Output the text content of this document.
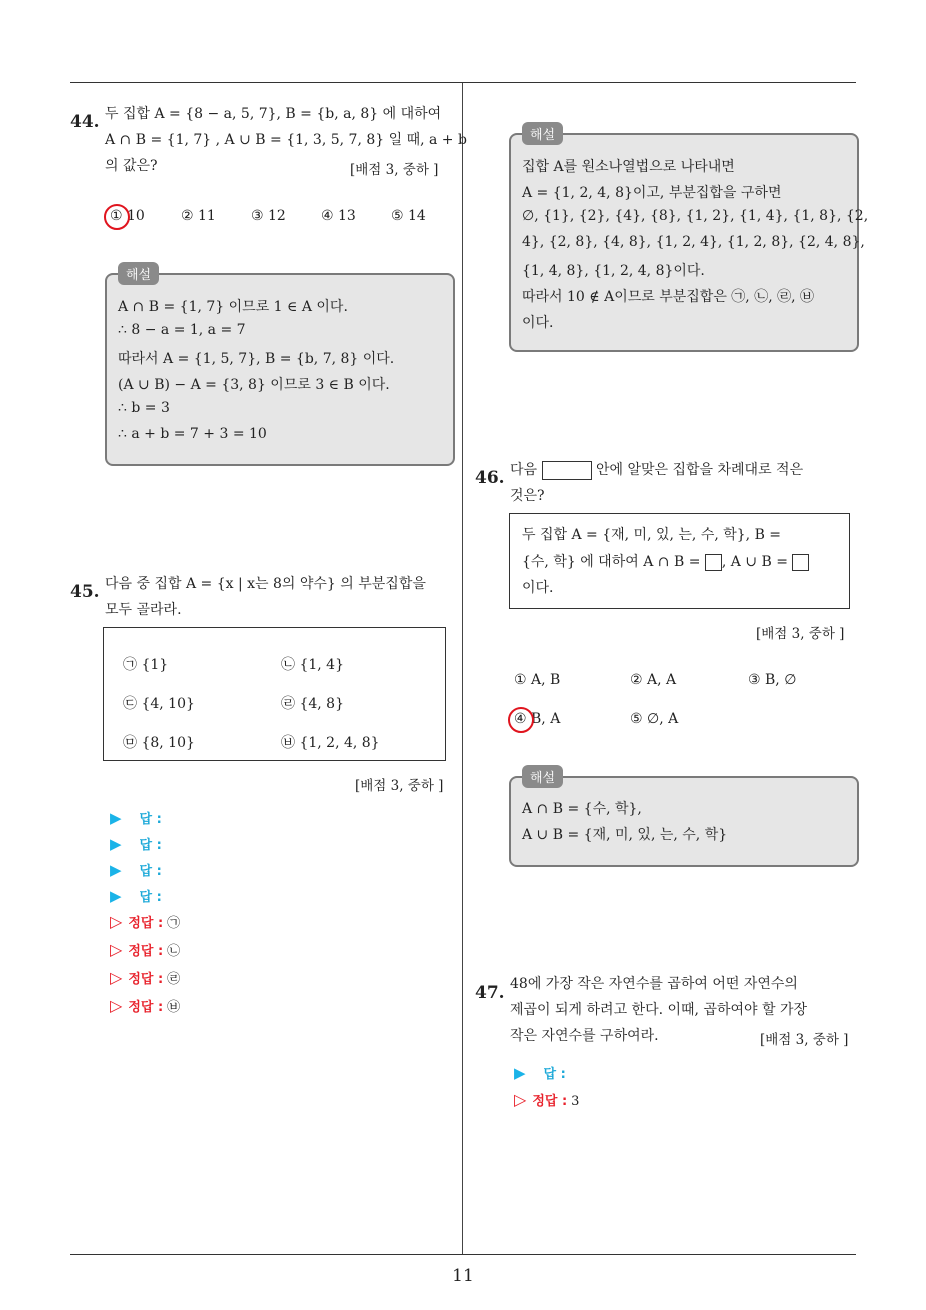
44. 두 집합 A = {8 − a, 5, 7}, B = {b, a, 8} 에 대하여
A ∩ B = {1, 7} , A ∪ B = {1, 3, 5, 7, 8} 일 때, a + b
의 값은?	[배점 3, 중하 ]
① 10	② 11	③ 12	④ 13	⑤ 14
해설
A ∩ B = {1, 7} 이므로 1 ∈ A 이다.
∴ 8 − a = 1, a = 7
따라서 A = {1, 5, 7}, B = {b, 7, 8} 이다.
(A ∪ B) − A = {3, 8} 이므로 3 ∈ B 이다.
∴ b = 3
∴ a + b = 7 + 3 = 10
45. 다음 중 집합 A = {x | x는 8의 약수} 의 부분집합을
모두 골라라.
㉠ {1}	㉡ {1, 4}
㉢ {4, 10}	㉣ {4, 8}
㉤ {8, 10}	㉥ {1, 2, 4, 8}
[배점 3, 중하 ]
▶ 답 :
▶ 답 :
▶ 답 :
▶ 답 :
▷ 정답 : ㉠
▷ 정답 : ㉡
▷ 정답 : ㉣
▷ 정답 : ㉥
해설
집합 A를 원소나열법으로 나타내면
A = {1, 2, 4, 8}이고, 부분집합을 구하면
∅, {1}, {2}, {4}, {8}, {1, 2}, {1, 4}, {1, 8}, {2,
4}, {2, 8}, {4, 8}, {1, 2, 4}, {1, 2, 8}, {2, 4, 8},
{1, 4, 8}, {1, 2, 4, 8}이다.
따라서 10 ∉ A이므로 부분집합은 ㉠, ㉡, ㉣, ㉥
이다.
46. 다음	안에 알맞은 집합을 차례대로 적은
것은?
두 집합 A = {재, 미, 있, 는, 수, 학}, B =
{수, 학} 에 대하여 A ∩ B = , A ∪ B =
이다.
[배점 3, 중하 ]
① A, B	② A, A	③ B, ∅
④ B, A	⑤ ∅, A
해설
A ∩ B = {수, 학},
A ∪ B = {재, 미, 있, 는, 수, 학}
47. 48에 가장 작은 자연수를 곱하여 어떤 자연수의
제곱이 되게 하려고 한다. 이때, 곱하여야 할 가장
작은 자연수를 구하여라.	[배점 3, 중하 ]
▶ 답 :
▷ 정답 : 3
11
